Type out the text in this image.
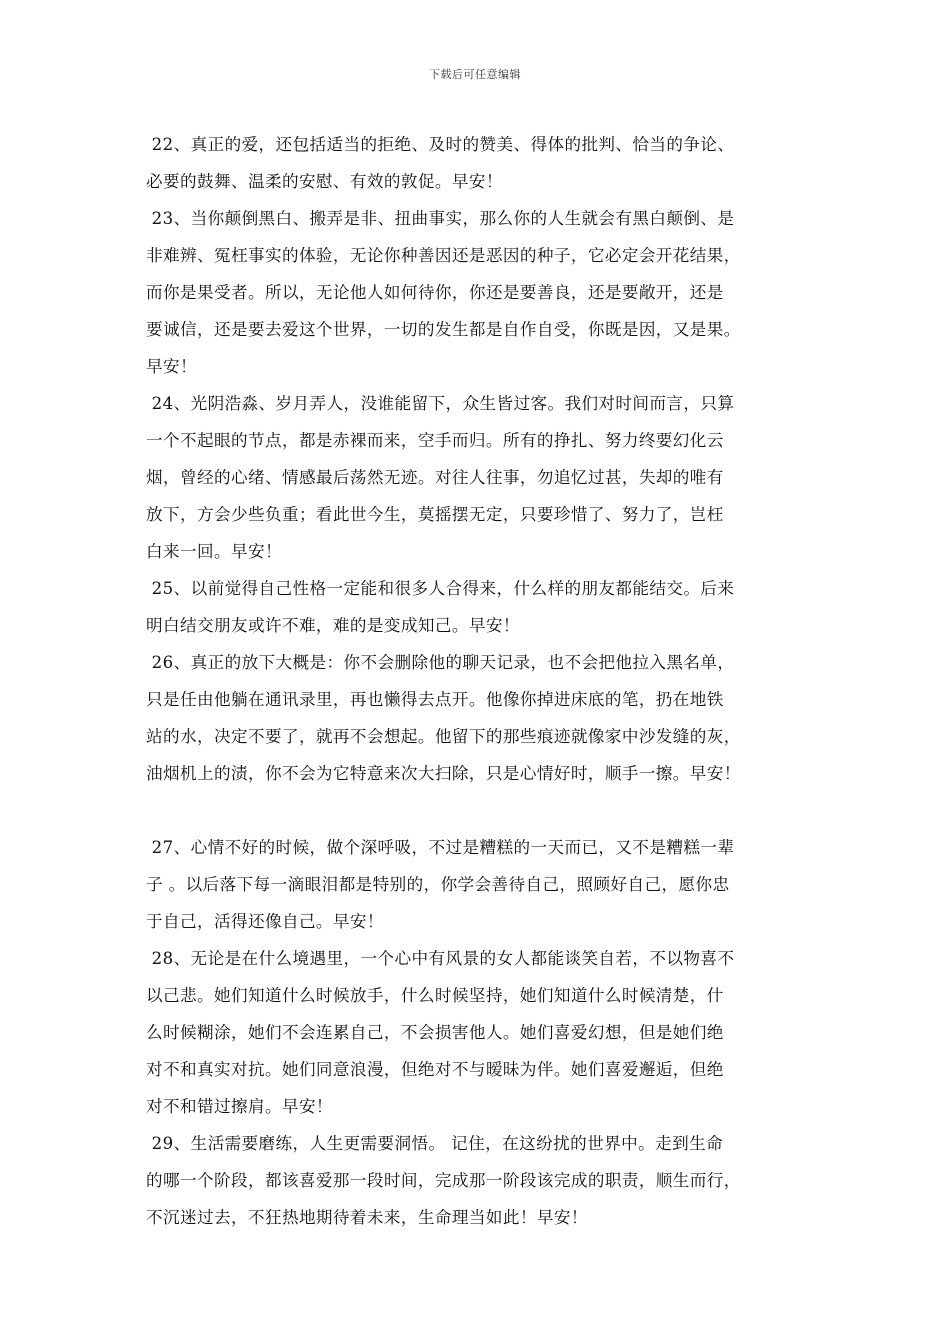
下载后可任意编辑
22、真正的爱，还包括适当的拒绝、及时的赞美、得体的批判、恰当的争论、
必要的鼓舞、温柔的安慰、有效的敦促。早安！
23、当你颠倒黑白、搬弄是非、扭曲事实，那么你的人生就会有黑白颠倒、是
非难辨、冤枉事实的体验，无论你种善因还是恶因的种子，它必定会开花结果，
而你是果受者。所以，无论他人如何待你，你还是要善良，还是要敞开，还是
要诚信，还是要去爱这个世界，一切的发生都是自作自受，你既是因，又是果。
早安！
24、光阴浩淼、岁月弄人，没谁能留下，众生皆过客。我们对时间而言，只算
一个不起眼的节点，都是赤裸而来，空手而归。所有的挣扎、努力终要幻化云
烟，曾经的心绪、情感最后荡然无迹。对往人往事，勿追忆过甚，失却的唯有
放下，方会少些负重；看此世今生，莫摇摆无定，只要珍惜了、努力了，岂枉
白来一回。早安！
25、以前觉得自己性格一定能和很多人合得来，什么样的朋友都能结交。后来
明白结交朋友或许不难，难的是变成知己。早安！
26、真正的放下大概是：你不会删除他的聊天记录，也不会把他拉入黑名单，
只是任由他躺在通讯录里，再也懒得去点开。他像你掉进床底的笔，扔在地铁
站的水，决定不要了，就再不会想起。他留下的那些痕迹就像家中沙发缝的灰，
油烟机上的渍，你不会为它特意来次大扫除，只是心情好时，顺手一擦。早安！
27、心情不好的时候，做个深呼吸，不过是糟糕的一天而已，又不是糟糕一辈
子 。以后落下每一滴眼泪都是特别的，你学会善待自己，照顾好自己，愿你忠
于自己，活得还像自己。早安！
28、无论是在什么境遇里，一个心中有风景的女人都能谈笑自若，不以物喜不
以己悲。她们知道什么时候放手，什么时候坚持，她们知道什么时候清楚，什
么时候糊涂，她们不会连累自己，不会损害他人。她们喜爱幻想，但是她们绝
对不和真实对抗。她们同意浪漫，但绝对不与暧昧为伴。她们喜爱邂逅，但绝
对不和错过擦肩。早安！
29、生活需要磨练，人生更需要洞悟。 记住，在这纷扰的世界中。走到生命
的哪一个阶段，都该喜爱那一段时间，完成那一阶段该完成的职责，顺生而行，
不沉迷过去，不狂热地期待着未来，生命理当如此！早安！
